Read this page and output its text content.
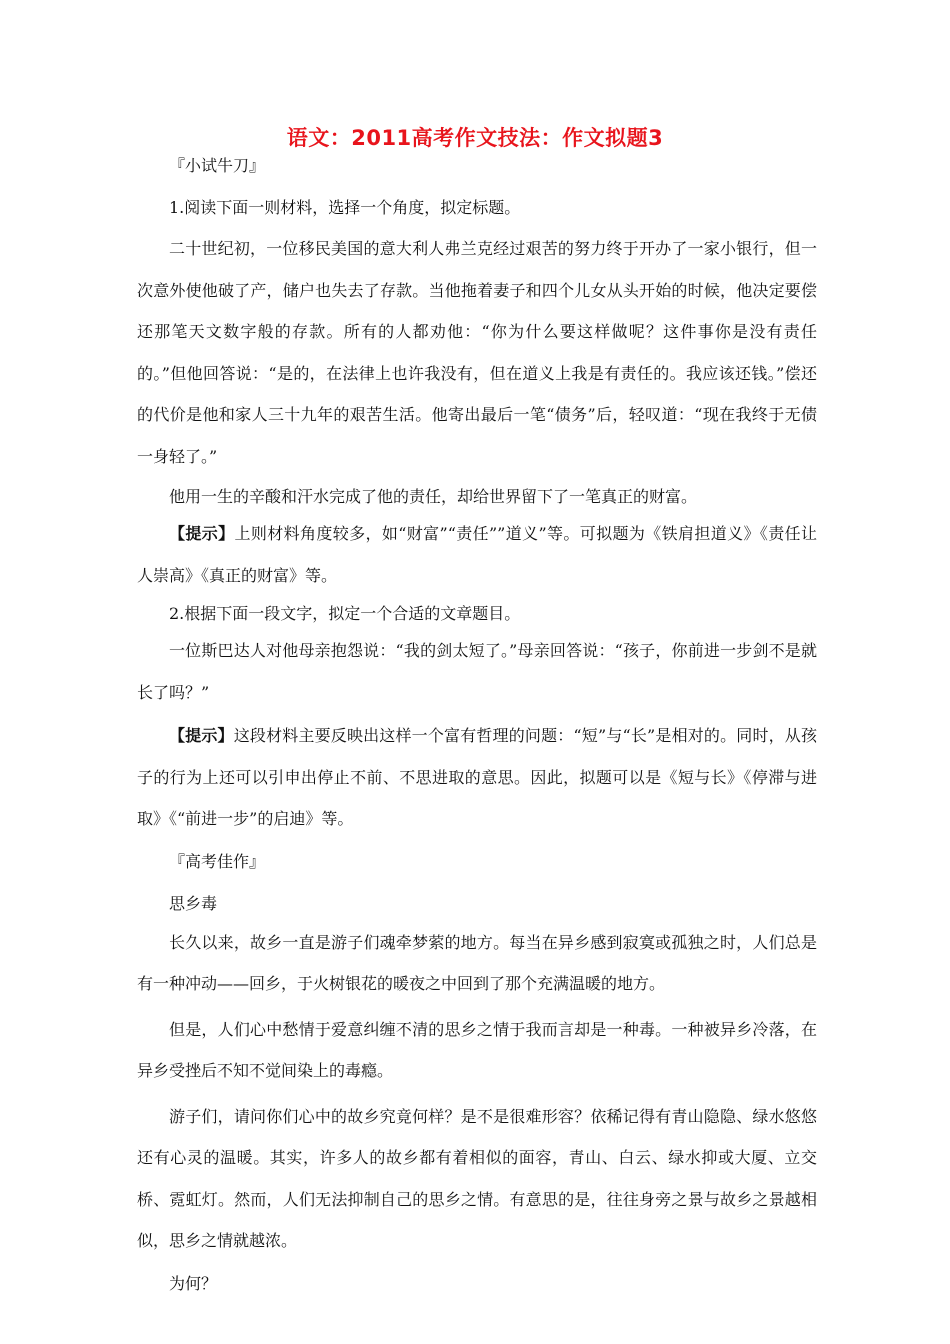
语文：2011高考作文技法：作文拟题3

『小试牛刀』

1.阅读下面一则材料，选择一个角度，拟定标题。

二十世纪初，一位移民美国的意大利人弗兰克经过艰苦的努力终于开办了一家小银行，但一次意外使他破了产，储户也失去了存款。当他拖着妻子和四个儿女从头开始的时候，他决定要偿还那笔天文数字般的存款。所有的人都劝他：“你为什么要这样做呢？这件事你是没有责任的。”但他回答说：“是的，在法律上也许我没有，但在道义上我是有责任的。我应该还钱。”偿还的代价是他和家人三十九年的艰苦生活。他寄出最后一笔“债务”后，轻叹道：“现在我终于无债一身轻了。”

他用一生的辛酸和汗水完成了他的责任，却给世界留下了一笔真正的财富。

【提示】上则材料角度较多，如“财富”“责任””道义”等。可拟题为《铁肩担道义》《责任让人崇高》《真正的财富》等。

2.根据下面一段文字，拟定一个合适的文章题目。

一位斯巴达人对他母亲抱怨说：“我的剑太短了。”母亲回答说：“孩子，你前进一步剑不是就长了吗？”

【提示】这段材料主要反映出这样一个富有哲理的问题：“短”与“长”是相对的。同时，从孩子的行为上还可以引申出停止不前、不思进取的意思。因此，拟题可以是《短与长》《停滞与进取》《“前进一步”的启迪》等。

『高考佳作』

思乡毒

长久以来，故乡一直是游子们魂牵梦萦的地方。每当在异乡感到寂寞或孤独之时，人们总是有一种冲动——回乡，于火树银花的暖夜之中回到了那个充满温暖的地方。

但是，人们心中愁情于爱意纠缠不清的思乡之情于我而言却是一种毒。一种被异乡冷落，在异乡受挫后不知不觉间染上的毒瘾。

游子们，请问你们心中的故乡究竟何样？是不是很难形容？依稀记得有青山隐隐、绿水悠悠还有心灵的温暖。其实，许多人的故乡都有着相似的面容，青山、白云、绿水抑或大厦、立交桥、霓虹灯。然而，人们无法抑制自己的思乡之情。有意思的是，往往身旁之景与故乡之景越相似，思乡之情就越浓。

为何？
